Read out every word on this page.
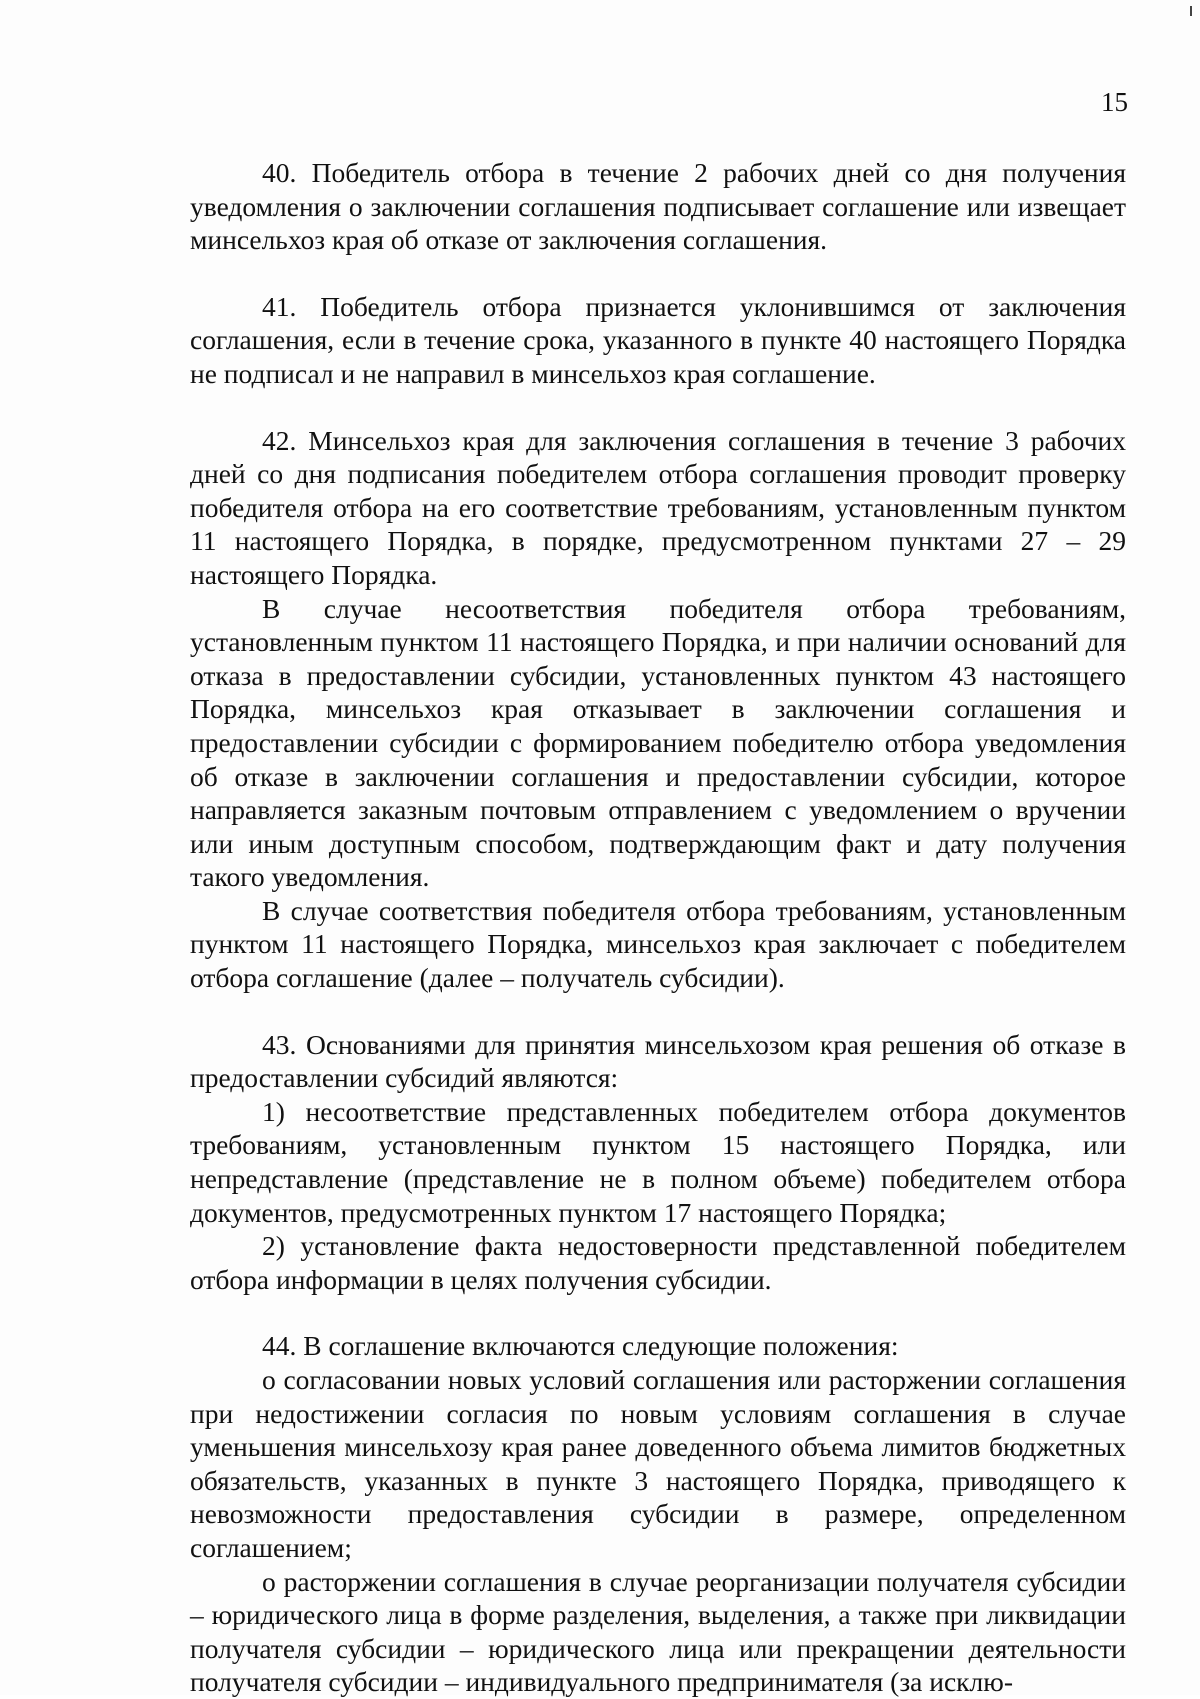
15

40. Победитель отбора в течение 2 рабочих дней со дня получения уведомления о заключении соглашения подписывает соглашение или извещает минсельхоз края об отказе от заключения соглашения.

41. Победитель отбора признается уклонившимся от заключения соглашения, если в течение срока, указанного в пункте 40 настоящего Порядка не подписал и не направил в минсельхоз края соглашение.

42. Минсельхоз края для заключения соглашения в течение 3 рабочих дней со дня подписания победителем отбора соглашения проводит проверку победителя отбора на его соответствие требованиям, установленным пунктом 11 настоящего Порядка, в порядке, предусмотренном пунктами 27 – 29 настоящего Порядка.

В случае несоответствия победителя отбора требованиям, установленным пунктом 11 настоящего Порядка, и при наличии оснований для отказа в предоставлении субсидии, установленных пунктом 43 настоящего Порядка, минсельхоз края отказывает в заключении соглашения и предоставлении субсидии с формированием победителю отбора уведомления об отказе в заключении соглашения и предоставлении субсидии, которое направляется заказным почтовым отправлением с уведомлением о вручении или иным доступным способом, подтверждающим факт и дату получения такого уведомления.

В случае соответствия победителя отбора требованиям, установленным пунктом 11 настоящего Порядка, минсельхоз края заключает с победителем отбора соглашение (далее – получатель субсидии).

43. Основаниями для принятия минсельхозом края решения об отказе в предоставлении субсидий являются:

1) несоответствие представленных победителем отбора документов требованиям, установленным пунктом 15 настоящего Порядка, или непредставление (представление не в полном объеме) победителем отбора документов, предусмотренных пунктом 17 настоящего Порядка;

2) установление факта недостоверности представленной победителем отбора информации в целях получения субсидии.

44. В соглашение включаются следующие положения:

о согласовании новых условий соглашения или расторжении соглашения при недостижении согласия по новым условиям соглашения в случае уменьшения минсельхозу края ранее доведенного объема лимитов бюджетных обязательств, указанных в пункте 3 настоящего Порядка, приводящего к невозможности предоставления субсидии в размере, определенном соглашением;

о расторжении соглашения в случае реорганизации получателя субсидии – юридического лица в форме разделения, выделения, а также при ликвидации получателя субсидии – юридического лица или прекращении деятельности получателя субсидии – индивидуального предпринимателя (за исклю-
